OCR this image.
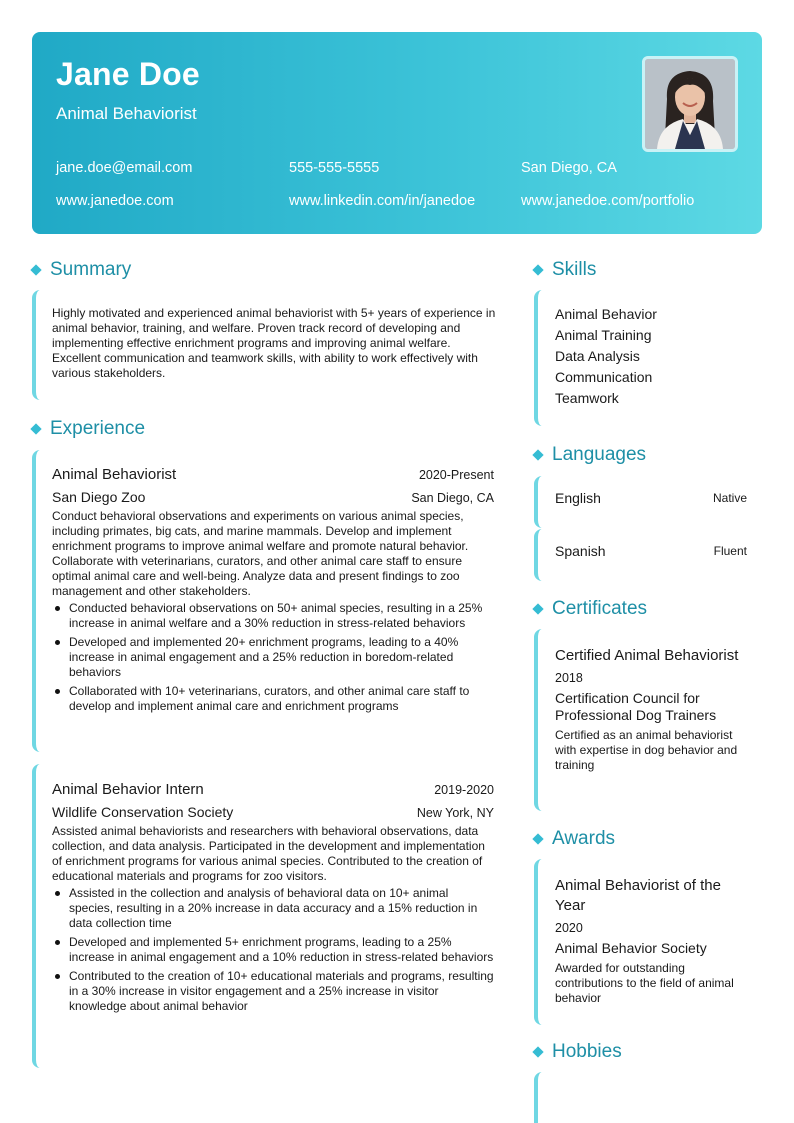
Jane Doe
Animal Behaviorist
jane.doe@email.com	555-555-5555	San Diego, CA
www.janedoe.com	www.linkedin.com/in/janedoe	www.janedoe.com/portfolio
Summary
Highly motivated and experienced animal behaviorist with 5+ years of experience in animal behavior, training, and welfare. Proven track record of developing and implementing effective enrichment programs and improving animal welfare. Excellent communication and teamwork skills, with ability to work effectively with various stakeholders.
Experience
Animal Behaviorist	2020-Present
San Diego Zoo	San Diego, CA
Conduct behavioral observations and experiments on various animal species, including primates, big cats, and marine mammals. Develop and implement enrichment programs to improve animal welfare and promote natural behavior. Collaborate with veterinarians, curators, and other animal care staff to ensure optimal animal care and well-being. Analyze data and present findings to zoo management and other stakeholders.
Conducted behavioral observations on 50+ animal species, resulting in a 25% increase in animal welfare and a 30% reduction in stress-related behaviors
Developed and implemented 20+ enrichment programs, leading to a 40% increase in animal engagement and a 25% reduction in boredom-related behaviors
Collaborated with 10+ veterinarians, curators, and other animal care staff to develop and implement animal care and enrichment programs
Animal Behavior Intern	2019-2020
Wildlife Conservation Society	New York, NY
Assisted animal behaviorists and researchers with behavioral observations, data collection, and data analysis. Participated in the development and implementation of enrichment programs for various animal species. Contributed to the creation of educational materials and programs for zoo visitors.
Assisted in the collection and analysis of behavioral data on 10+ animal species, resulting in a 20% increase in data accuracy and a 15% reduction in data collection time
Developed and implemented 5+ enrichment programs, leading to a 25% increase in animal engagement and a 10% reduction in stress-related behaviors
Contributed to the creation of 10+ educational materials and programs, resulting in a 30% increase in visitor engagement and a 25% increase in visitor knowledge about animal behavior
Skills
Animal Behavior
Animal Training
Data Analysis
Communication
Teamwork
Languages
English	Native
Spanish	Fluent
Certificates
Certified Animal Behaviorist
2018
Certification Council for Professional Dog Trainers
Certified as an animal behaviorist with expertise in dog behavior and training
Awards
Animal Behaviorist of the Year
2020
Animal Behavior Society
Awarded for outstanding contributions to the field of animal behavior
Hobbies
